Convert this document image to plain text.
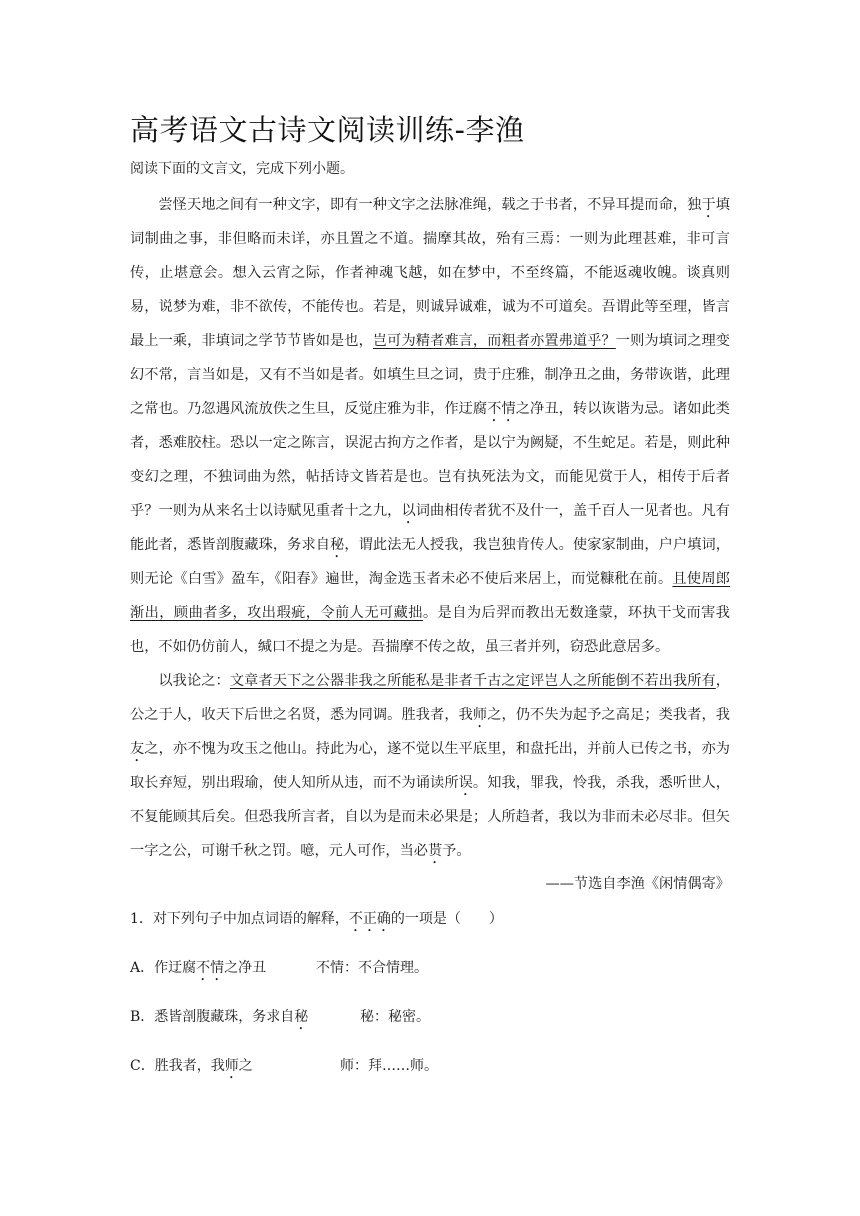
高考语文古诗文阅读训练-李渔

阅读下面的文言文，完成下列小题。

尝怪天地之间有一种文字，即有一种文字之法脉准绳，载之于书者，不异耳提而命，独于填词制曲之事，非但略而未详，亦且置之不道。揣摩其故，殆有三焉：一则为此理甚难，非可言传，止堪意会。想入云宵之际，作者神魂飞越，如在梦中，不至终篇，不能返魂收魄。谈真则易，说梦为难，非不欲传，不能传也。若是，则诚异诚难，诚为不可道矣。吾谓此等至理，皆言最上一乘，非填词之学节节皆如是也，岂可为精者难言，而粗者亦置弗道乎？一则为填词之理变幻不常，言当如是，又有不当如是者。如填生旦之词，贵于庄雅，制净丑之曲，务带诙谐，此理之常也。乃忽遇风流放佚之生旦，反觉庄雅为非，作迂腐不情之净丑，转以诙谐为忌。诸如此类者，悉难胶柱。恐以一定之陈言，误泥古拘方之作者，是以宁为阙疑，不生蛇足。若是，则此种变幻之理，不独词曲为然，帖括诗文皆若是也。岂有执死法为文，而能见赏于人，相传于后者乎？一则为从来名士以诗赋见重者十之九，以词曲相传者犹不及什一，盖千百人一见者也。凡有能此者，悉皆剖腹藏珠，务求自秘，谓此法无人授我，我岂独肯传人。使家家制曲，户户填词，则无论《白雪》盈车，《阳春》遍世，淘金选玉者未必不使后来居上，而觉糠秕在前。且使周郎渐出，顾曲者多，攻出瑕疵，令前人无可藏拙。是自为后羿而教出无数逢蒙，环执干戈而害我也，不如仍仿前人，缄口不提之为是。吾揣摩不传之故，虽三者并列，窃恐此意居多。

以我论之：文章者天下之公器非我之所能私是非者千古之定评岂人之所能倒不若出我所有，公之于人，收天下后世之名贤，悉为同调。胜我者，我师之，仍不失为起予之高足；类我者，我友之，亦不愧为攻玉之他山。持此为心，遂不觉以生平底里，和盘托出，并前人已传之书，亦为取长弃短，别出瑕瑜，使人知所从违，而不为诵读所误。知我，罪我，怜我，杀我，悉听世人，不复能顾其后矣。但恐我所言者，自以为是而未必果是；人所趋者，我以为非而未必尽非。但矢一字之公，可谢千秋之罚。噫，元人可作，当必贳予。

——节选自李渔《闲情偶寄》

1．对下列句子中加点词语的解释，不正确的一项是（　　）

A．作迂腐不情之净丑	不情：不合情理。
B．悉皆剖腹藏珠，务求自秘	秘：秘密。
C．胜我者，我师之	师：拜……师。
